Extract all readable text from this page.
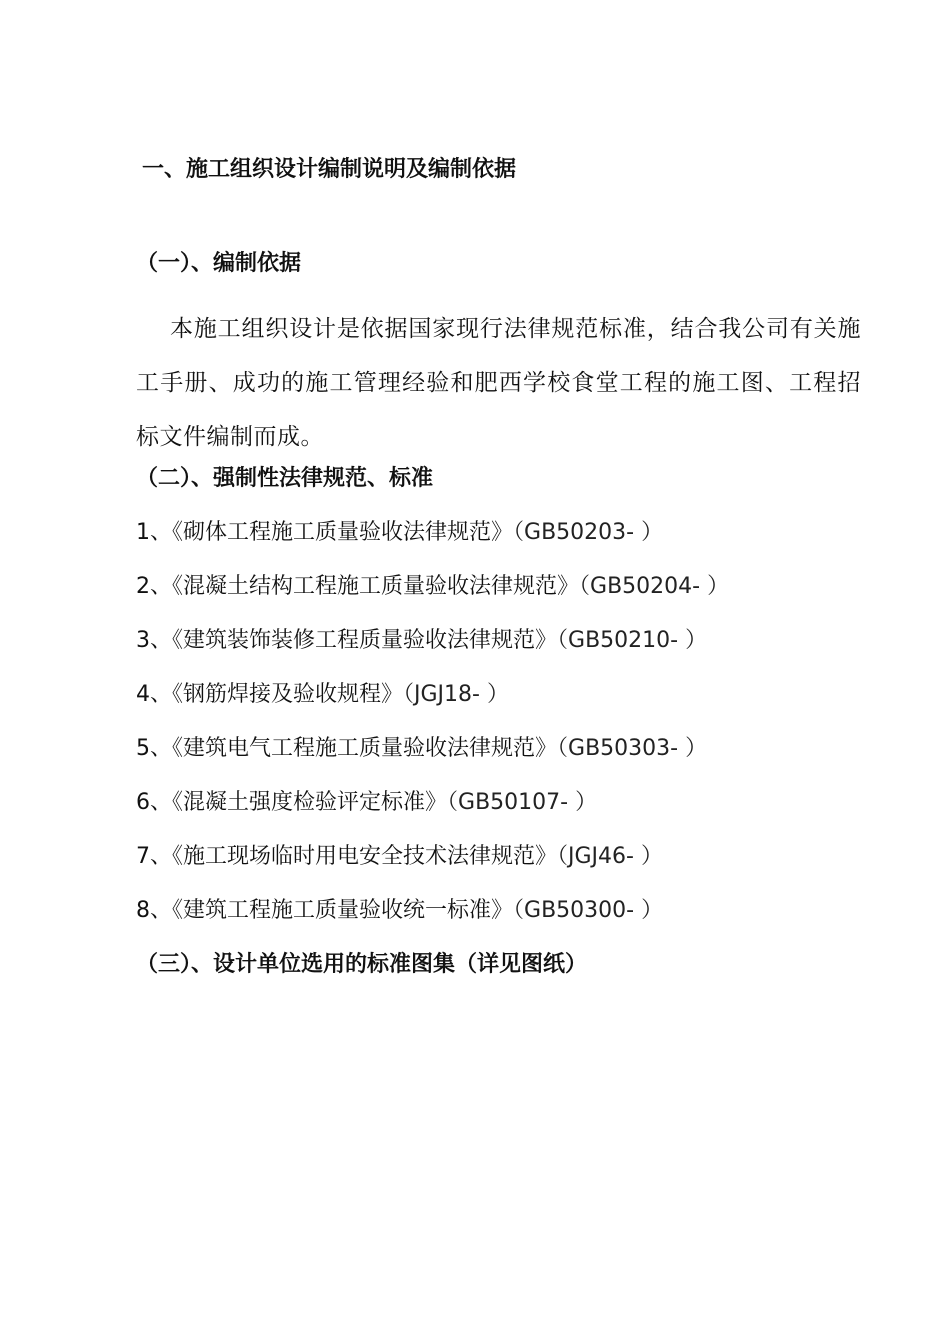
一、施工组织设计编制说明及编制依据
（一）、编制依据
本施工组织设计是依据国家现行法律规范标准，结合我公司有关施工手册、成功的施工管理经验和肥西学校食堂工程的施工图、工程招标文件编制而成。
（二）、强制性法律规范、标准
1、《砌体工程施工质量验收法律规范》（GB50203- ）
2、《混凝土结构工程施工质量验收法律规范》（GB50204- ）
3、《建筑装饰装修工程质量验收法律规范》（GB50210- ）
4、《钢筋焊接及验收规程》（JGJ18- ）
5、《建筑电气工程施工质量验收法律规范》（GB50303- ）
6、《混凝土强度检验评定标准》（GB50107- ）
7、《施工现场临时用电安全技术法律规范》（JGJ46- ）
8、《建筑工程施工质量验收统一标准》（GB50300- ）
（三）、设计单位选用的标准图集（详见图纸）
